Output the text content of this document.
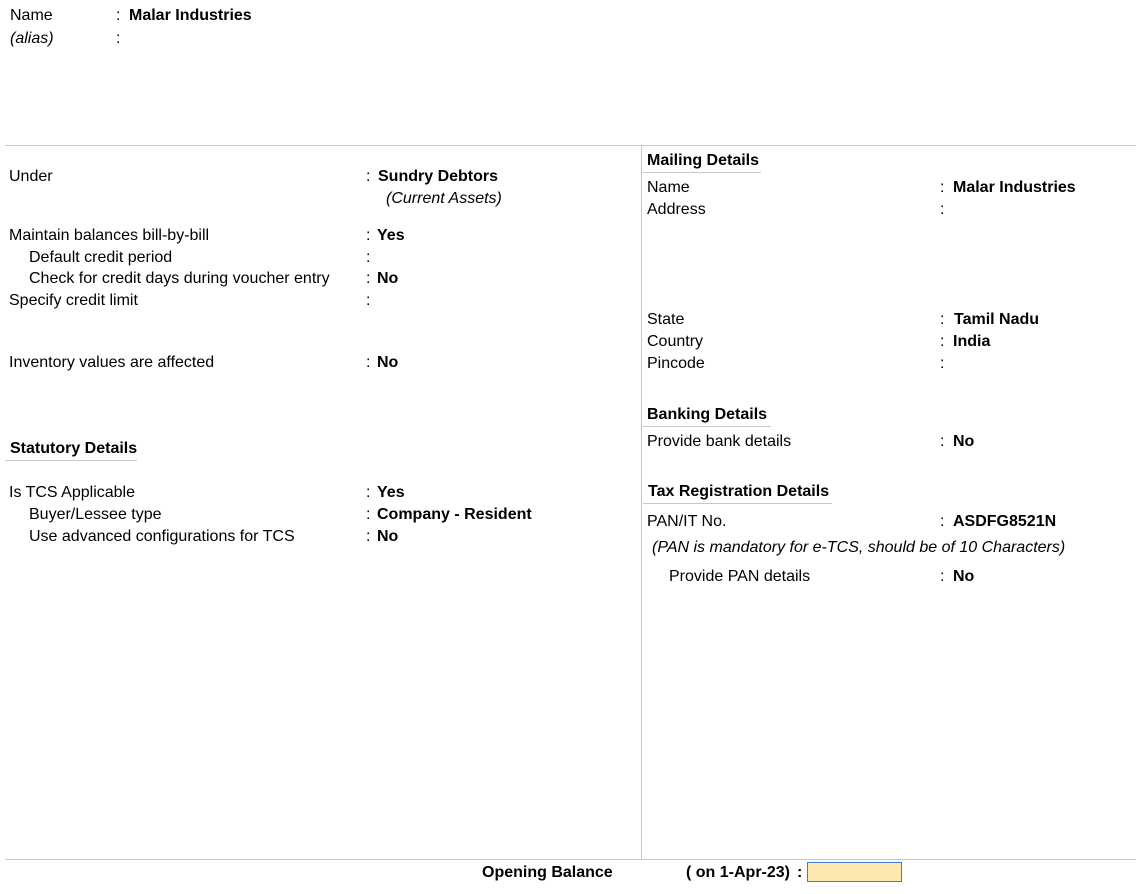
Name	: Malar Industries
(alias)	:
Under	: Sundry Debtors
(Current Assets)
Maintain balances bill-by-bill	: Yes
Default credit period	:
Check for credit days during voucher entry : No
Specify credit limit	:
Inventory values are affected	: No
Statutory Details
Is TCS Applicable	: Yes
Buyer/Lessee type	: Company - Resident
Use advanced configurations for TCS	: No
Mailing Details
Name	: Malar Industries
Address	:
State	: Tamil Nadu
Country	: India
Pincode	:
Banking Details
Provide bank details	: No
Tax Registration Details
PAN/IT No.	: ASDFG8521N
(PAN is mandatory for e-TCS, should be of 10 Characters)
Provide PAN details	: No
Opening Balance	( on 1-Apr-23) :
